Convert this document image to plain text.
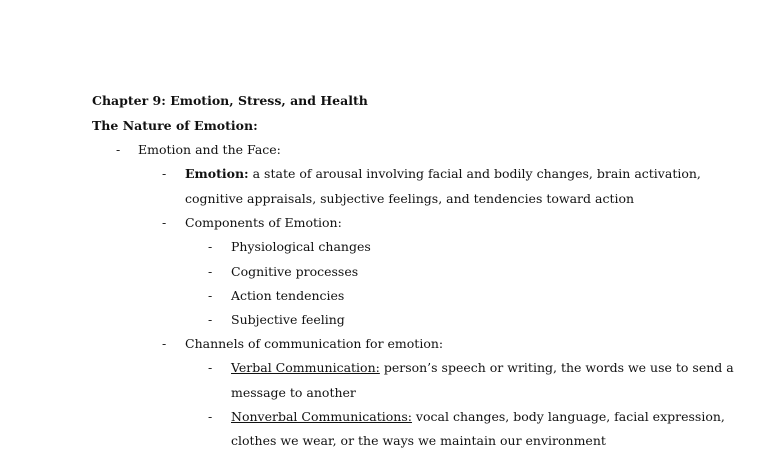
Chapter 9: Emotion, Stress, and Health
The Nature of Emotion:
- Emotion and the Face:
- Emotion: a state of arousal involving facial and bodily changes, brain activation,
cognitive appraisals, subjective feelings, and tendencies toward action
- Components of Emotion:
- Physiological changes
- Cognitive processes
- Action tendencies
- Subjective feeling
- Channels of communication for emotion:
- Verbal Communication: person’s speech or writing, the words we use to send a
message to another
- Nonverbal Communications: vocal changes, body language, facial expression,
clothes we wear, or the ways we maintain our environment
